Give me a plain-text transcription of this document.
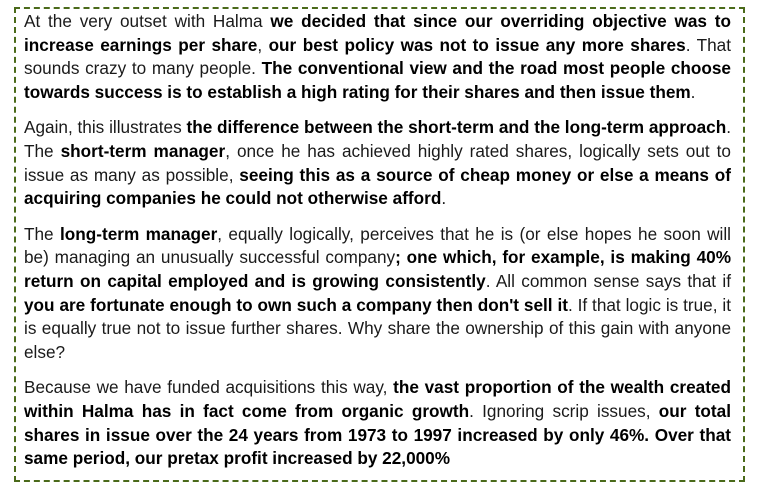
At the very outset with Halma we decided that since our overriding objective was to increase earnings per share, our best policy was not to issue any more shares. That sounds crazy to many people. The conventional view and the road most people choose towards success is to establish a high rating for their shares and then issue them.

Again, this illustrates the difference between the short-term and the long-term approach. The short-term manager, once he has achieved highly rated shares, logically sets out to issue as many as possible, seeing this as a source of cheap money or else a means of acquiring companies he could not otherwise afford.

The long-term manager, equally logically, perceives that he is (or else hopes he soon will be) managing an unusually successful company; one which, for example, is making 40% return on capital employed and is growing consistently. All common sense says that if you are fortunate enough to own such a company then don't sell it. If that logic is true, it is equally true not to issue further shares. Why share the ownership of this gain with anyone else?

Because we have funded acquisitions this way, the vast proportion of the wealth created within Halma has in fact come from organic growth. Ignoring scrip issues, our total shares in issue over the 24 years from 1973 to 1997 increased by only 46%. Over that same period, our pretax profit increased by 22,000%
